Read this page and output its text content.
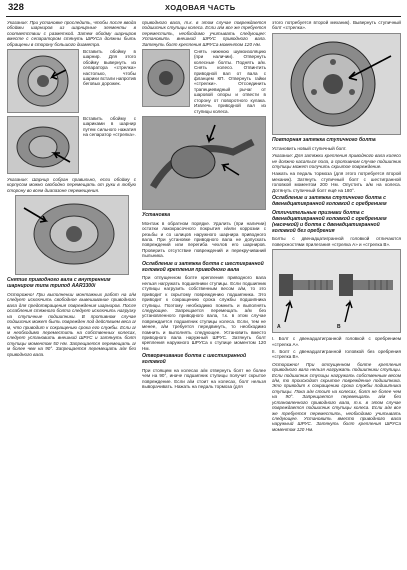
328	ХОДОВАЯ ЧАСТЬ

Указание: При установке проследить, чтобы после ввода обоймы шарниров из шарнирные элементы в соответствии с разметкой. Затем обойму шарниров вместе с сепаратором стянуть ШРУСа должны быть обращены в сторону большого диаметра.

Вставить обойму в шарнир. Для этого обойму вывернуть из сепаратора «стрелка» настолько, чтобы шарики встали напротив беговых дорожек.

Вставить обойму с шариками в шарнир путем сильного нажатия на сепаратор «стрелка».

Указание: Шарнир собран правильно, если обойму с корпусом можно свободно перемещать от руки в любую сторону во всем диапазоне перемещения.

Снятие приводного вала с внутренним шарниром типа трипод AAR3300i

Осторожно! При выполнении монтажных работ на а/м следует исключить свободное вывешивание приводного вала для предотвращения повреждения шарниров. После ослабления стяжного болта следует исключить нагрузку на ступичные подшипники. В противном случае подшипник может быть поврежден под действием веса а/м, что приводит к сокращению срока его службы. Если а/м необходимо переместить на собственных колесах, следует установить внешний ШРУС и затянуть болт ступицы моментом 50 Нм. Запрещается перемещать а/м более чем на 90°. Запрещается перемещать а/м без приводного вала.

приводного вала, т.к. в этом случае повреждается подшипник ступицы колеса. Если а/м все же требуется переместить, необходимо учитывать следующее: Установить внешний ШРУС приводного вала. Затянуть болт крепления ШРУСа моментом 120 Нм.

Снять нижнюю шумоизоляцию (при наличии). Отвернуть колесные болты. Поднять а/м. Снять колесо. Отвинтить приводной вал от вала с фланцем КП. Отвернуть гайки «стрелки». Отсоединить трапециевидный рычаг от шаровой опоры и отвести в сторону от поворотного кулака. Извлечь приводной вал из ступицы колеса.

Установка

Монтаж в обратном порядке. Удалить (при наличии) остатки лакокрасочного покрытия и/или коррозии с резьбы и со шлицов наружного шарнира приводного вала. При установке приводного вала не допускать повреждений или перегиба чехлов его шарниров. Проверить отсутствие повреждений и перекручиваний пыльника.

Ослабление и затяжка болта с шестигранной головкой крепления приводного вала

При отпущенном болте крепления приводного вала нельзя нагружать подшипники ступицы. Если подшипник ступицы нагрузить собственным весом а/м, то это приводит к скрытому повреждению подшипника. Это приводит к сокращению срока службы подшипника ступицы. Поэтому необходимо помнить и выполнять следующее. Запрещается перемещать а/м без установленного приводного вала, т.к. в этом случае повреждается подшипник ступицы колеса. Если, тем не менее, а/м требуется передвинуть, то необходимо помнить и выполнять следующее. Установить вместо приводного вала наружный ШРУС. Затянуть болт крепления наружного ШРУСа к ступице моментом 120 Нм.

Отворачивание болта с шестигранной головкой

При стоящем на колесах а/м отвернуть болт не более чем на 90°, иначе подшипник ступицы получит скрытое повреждение. Если а/м стоит на колесах, болт нельзя выворачивать. Нажать на педаль тормоза (для

этого потребуется второй механик). Вывернуть ступичный болт «стрелка».

Повторная затяжка ступичного болта

Установить новый ступичный болт.

Указание: Для затяжки крепления приводного вала колесо не должно касаться пола, а противном случае подшипник ступицы может получить скрытое повреждение.

Нажать на педаль тормоза (для этого потребуется второй механик). Затянуть ступичный болт с шестигранной головкой моментом 200 Нм. Опустить а/м на колеса. Дотянуть ступичный болт ещё на 180°.

Ослабление и затяжка ступичного болта с двенадцатигранной головкой с оребрением
Отличительные признаки болта с двенадцатигранной головкой с оребрением (насечкой) и болта с двенадцатигранной головкой без оребрения

Болты с двенадцатигранной головкой отличаются поверхностями прилегания «стрелка А» и «стрелка В».

А	В

I. Болт с двенадцатигранной головкой с оребрением «стрелка А».

II. Болт с двенадцатигранной головкой без оребрения «стрелка В».

Осторожно! При отпущенном болте крепления приводного вала нельзя нагружать подшипники ступицы. Если подшипник ступицы нагружать собственным весом а/м, то происходит скрытое повреждение подшипника. Это приводит к сокращению срока службы подшипника ступицы. Пока а/м стоит на колесах, болт не более чем на 90°. Запрещается перемещать а/м без установленного приводного вала, т.к. в этом случае повреждается подшипник ступицы колеса. Если а/м все же требуется переместить, необходимо учитывать следующее. Установить вместо приводного вала наружный ШРУС. Затянуть болт крепления ШРУСа моментом 120 Нм.
